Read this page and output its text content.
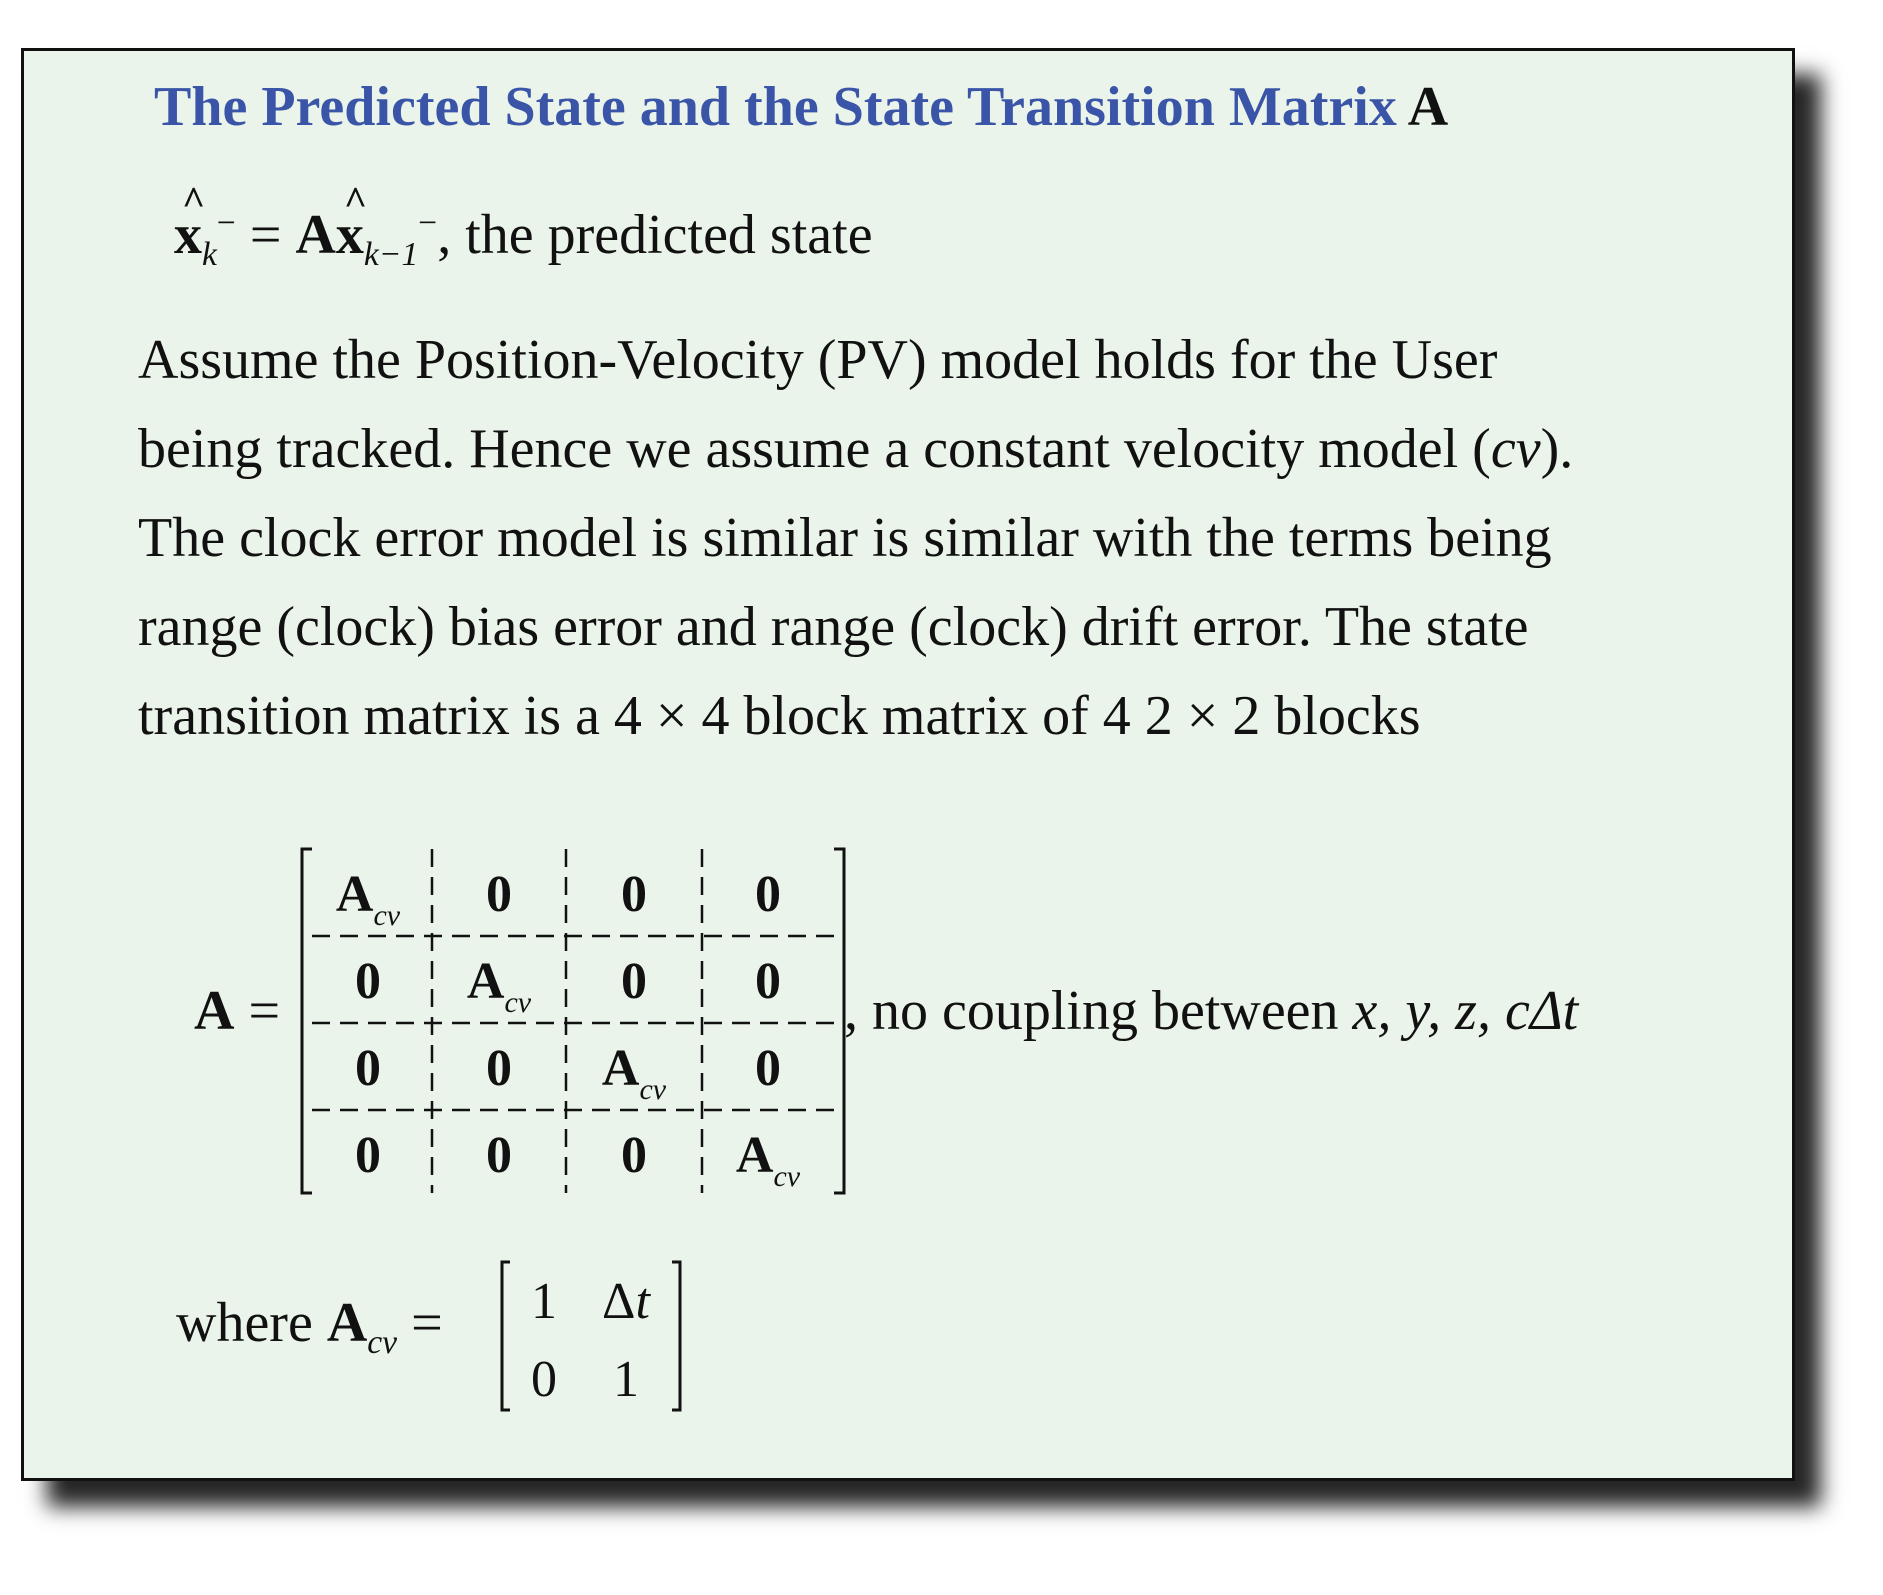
The Predicted State and the State Transition Matrix A
^ $x_k^-$ = A^ $x_{k-1}^-$, the predicted state
Assume the Position-Velocity (PV) model holds for the User
being tracked. Hence we assume a constant velocity model (cv).
The clock error model is similar is similar with the terms being
range (clock) bias error and range (clock) drift error. The state
transition matrix is a 4 × 4 block matrix of 4 2 × 2 blocks
A =
$A_{cv}$ 0 0 0
0 $A_{cv}$ 0 0
0 0 $A_{cv}$ 0
0 0 0 $A_{cv}$
, no coupling between x, y, z, cΔt
where $A_{cv} = 1$ Δt
0 1
